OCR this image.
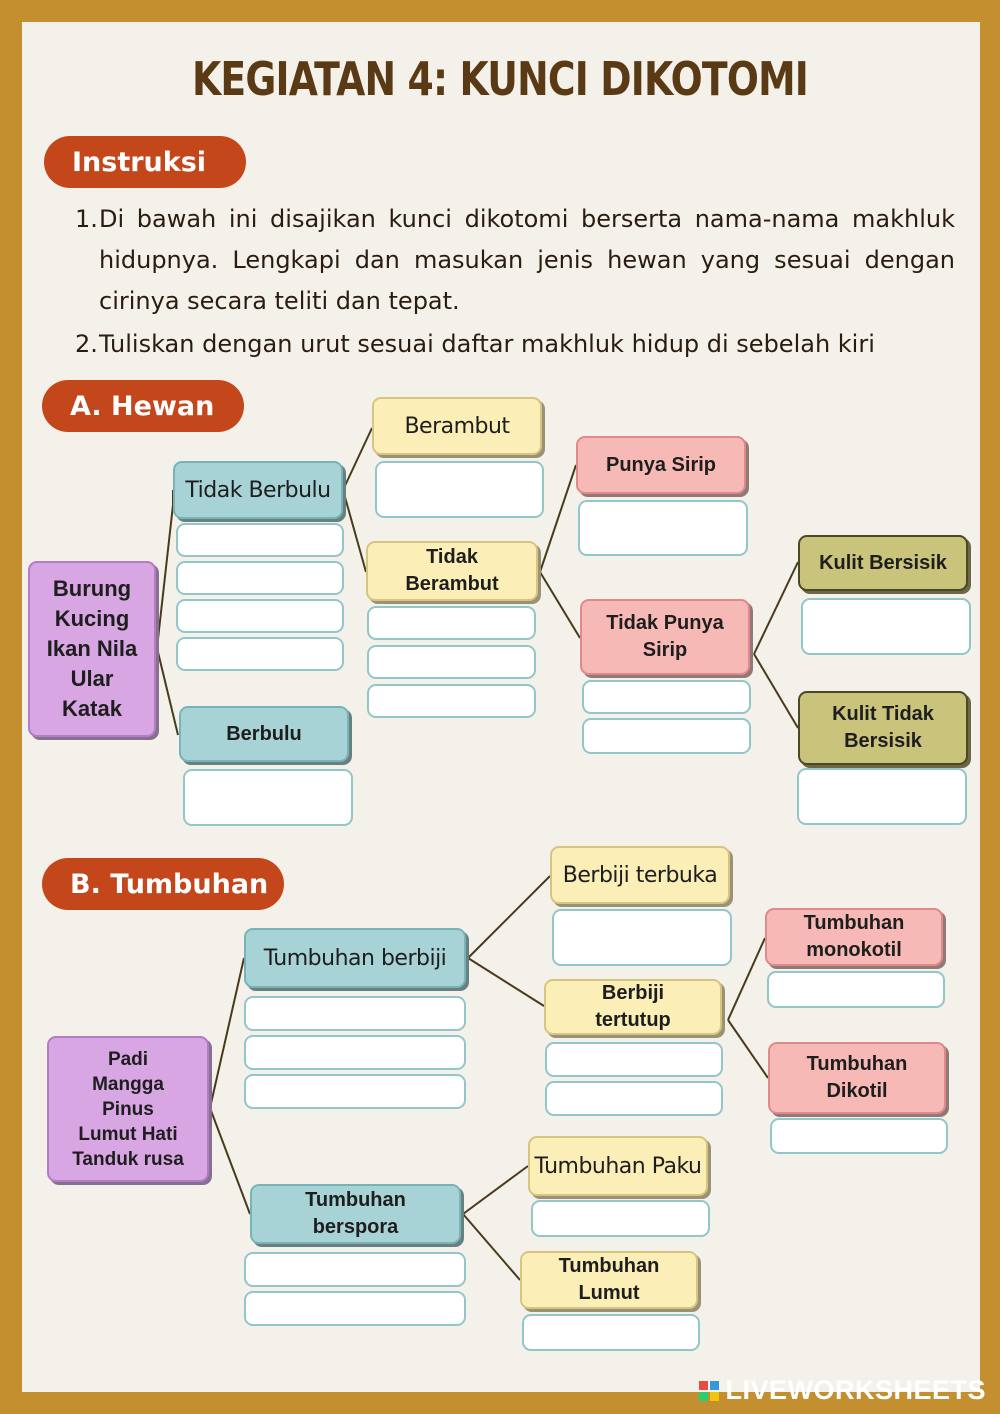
KEGIATAN 4: KUNCI DIKOTOMI
Instruksi
1. Di bawah ini disajikan kunci dikotomi berserta nama-nama makhluk hidupnya. Lengkapi dan masukan jenis hewan yang sesuai dengan cirinya secara teliti dan tepat.
2. Tuliskan dengan urut sesuai daftar makhluk hidup di sebelah kiri
A. Hewan
Burung
Kucing
Ikan Nila
Ular
Katak
Tidak Berbulu
Berbulu
Berambut
Tidak Berambut
Punya Sirip
Tidak Punya Sirip
Kulit Bersisik
Kulit Tidak Bersisik
B. Tumbuhan
Padi
Mangga
Pinus
Lumut Hati
Tanduk rusa
Tumbuhan berbiji
Tumbuhan berspora
Berbiji terbuka
Berbiji tertutup
Tumbuhan monokotil
Tumbuhan Dikotil
Tumbuhan Paku
Tumbuhan Lumut
LIVEWORKSHEETS
